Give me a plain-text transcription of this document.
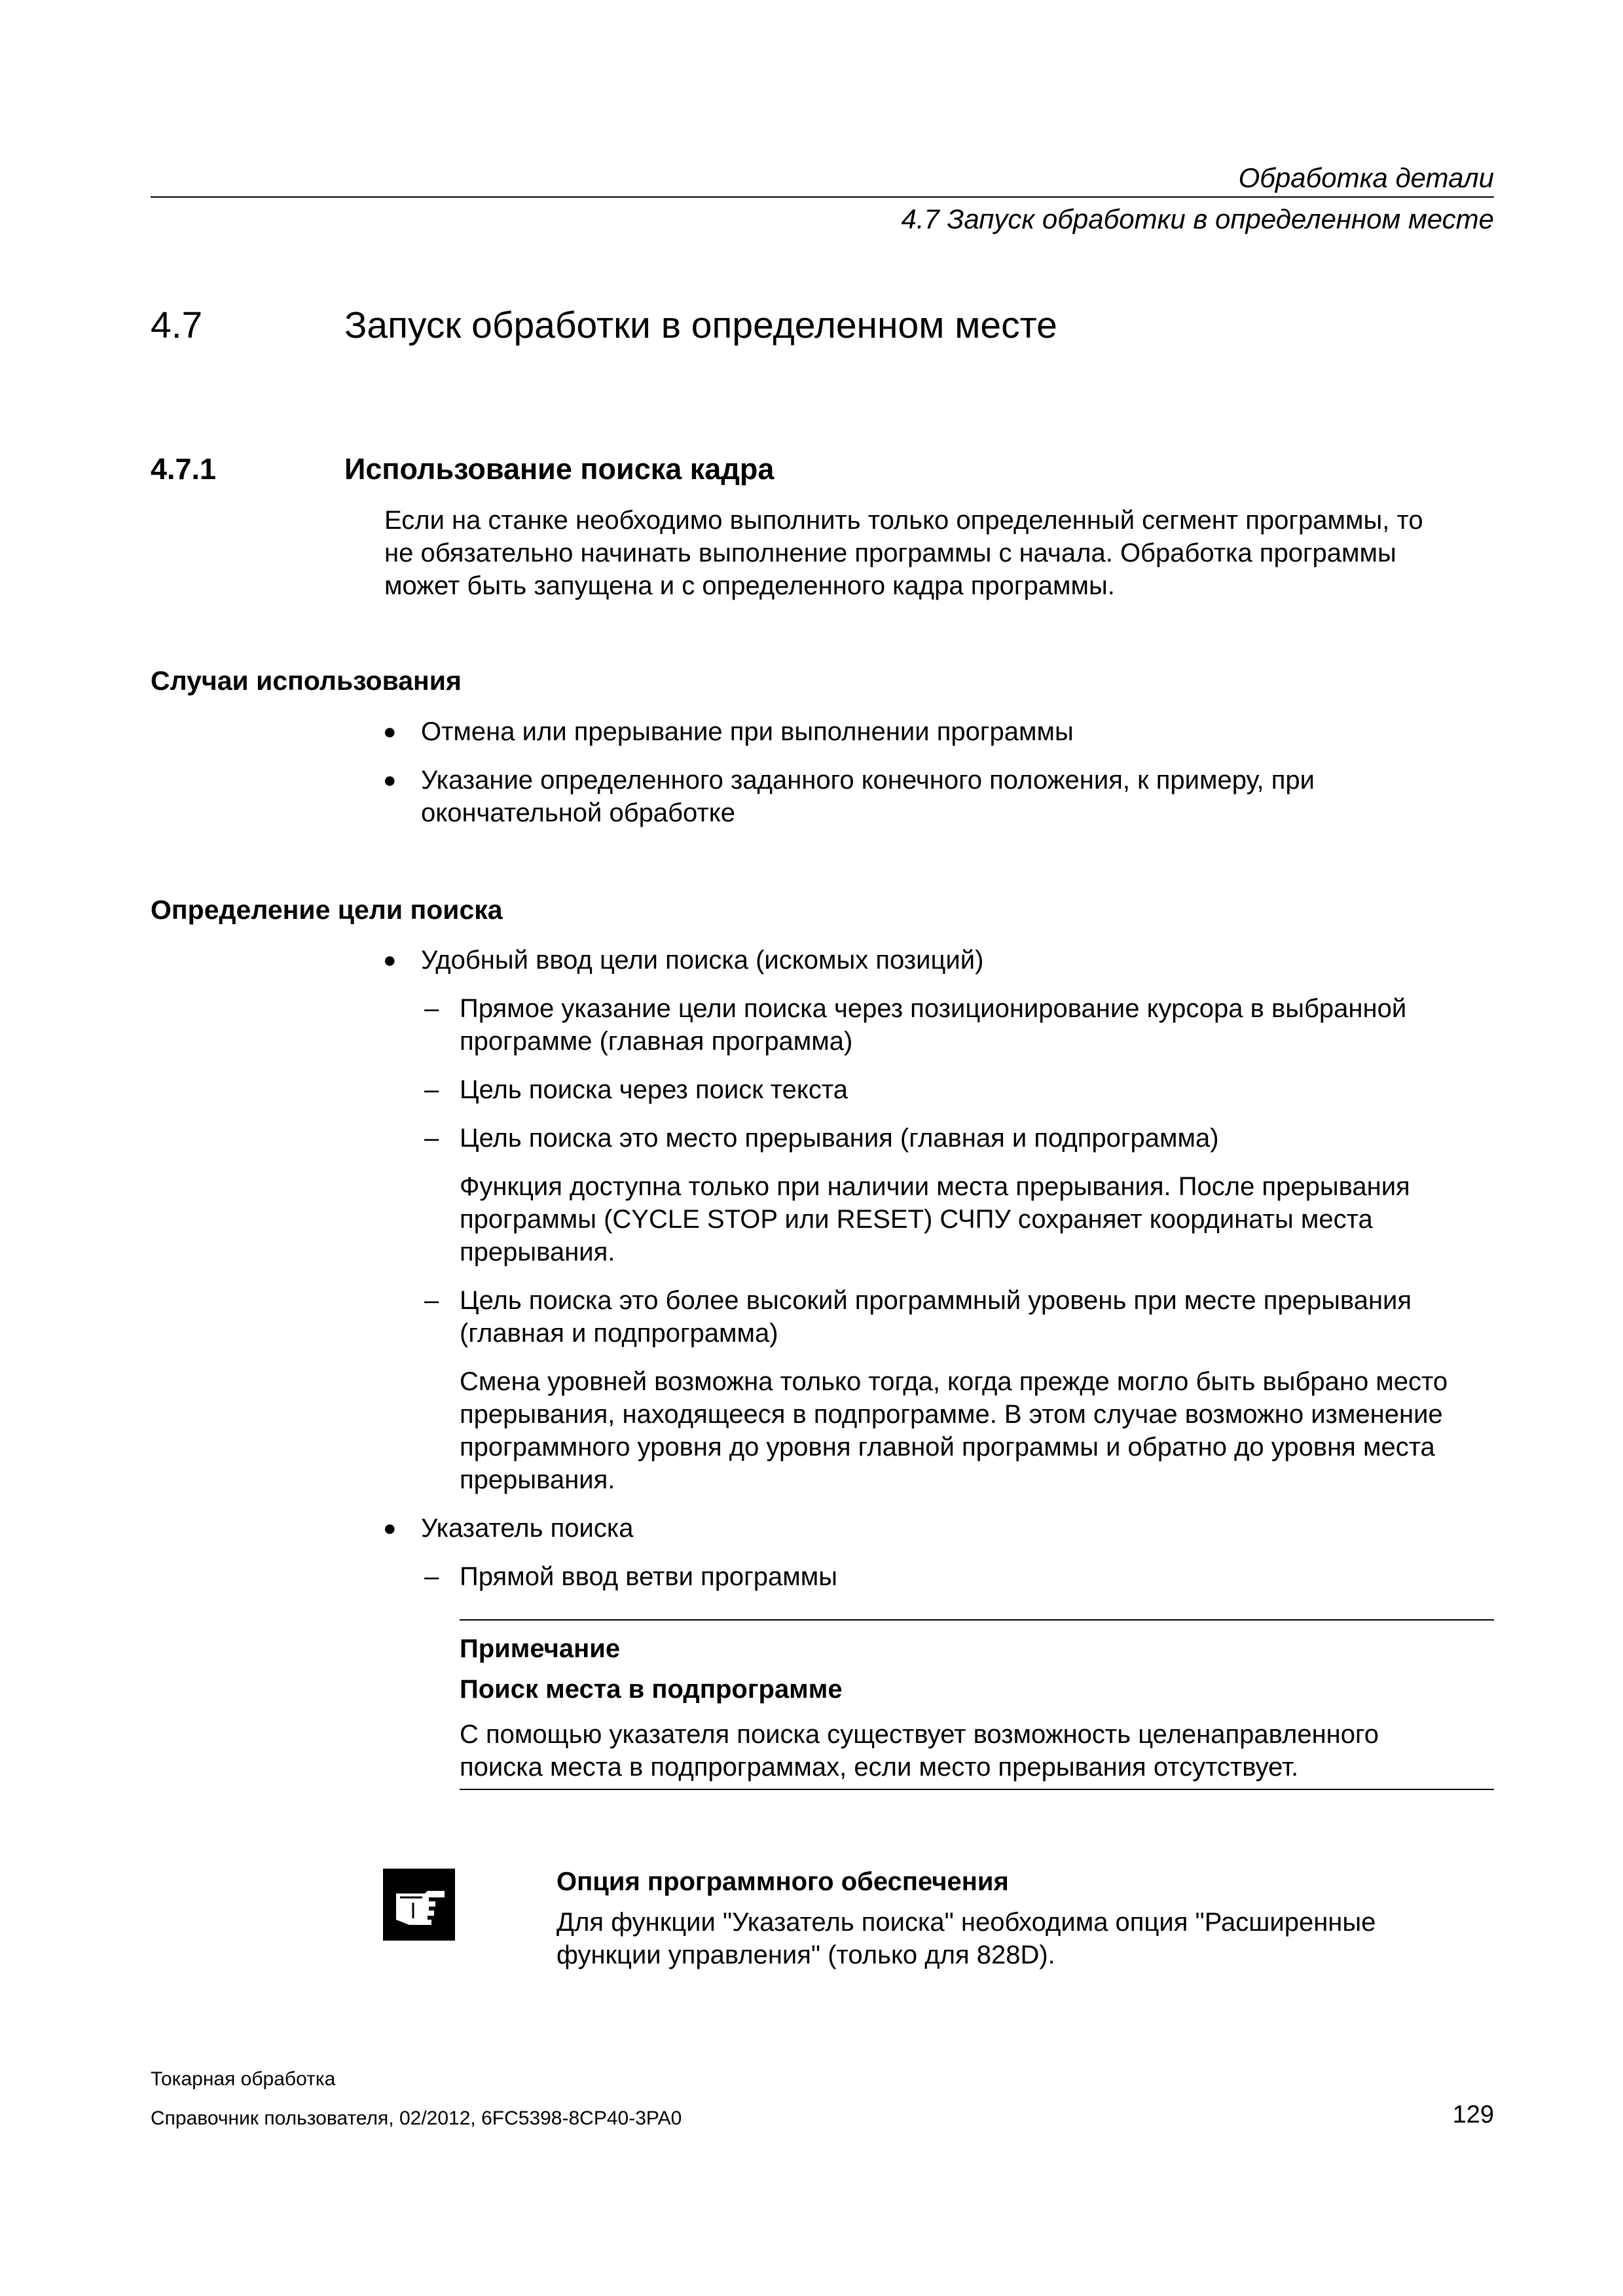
Обработка детали
4.7 Запуск обработки в определенном месте
4.7	Запуск обработки в определенном месте
4.7.1	Использование поиска кадра
Если на станке необходимо выполнить только определенный сегмент программы, то
не обязательно начинать выполнение программы с начала. Обработка программы
может быть запущена и с определенного кадра программы.
Случаи использования
● Отмена или прерывание при выполнении программы
● Указание определенного заданного конечного положения, к примеру, при
окончательной обработке
Определение цели поиска
● Удобный ввод цели поиска (искомых позиций)
– Прямое указание цели поиска через позиционирование курсора в выбранной
программе (главная программа)
– Цель поиска через поиск текста
– Цель поиска это место прерывания (главная и подпрограмма)
Функция доступна только при наличии места прерывания. После прерывания
программы (CYCLE STOP или RESET) СЧПУ сохраняет координаты места
прерывания.
– Цель поиска это более высокий программный уровень при месте прерывания
(главная и подпрограмма)
Смена уровней возможна только тогда, когда прежде могло быть выбрано место
прерывания, находящееся в подпрограмме. В этом случае возможно изменение
программного уровня до уровня главной программы и обратно до уровня места
прерывания.
● Указатель поиска
– Прямой ввод ветви программы
Примечание
Поиск места в подпрограмме
С помощью указателя поиска существует возможность целенаправленного
поиска места в подпрограммах, если место прерывания отсутствует.
Опция программного обеспечения
Для функции "Указатель поиска" необходима опция "Расширенные
функции управления" (только для 828D).
Токарная обработка
Справочник пользователя, 02/2012, 6FC5398-8CP40-3PA0	129
